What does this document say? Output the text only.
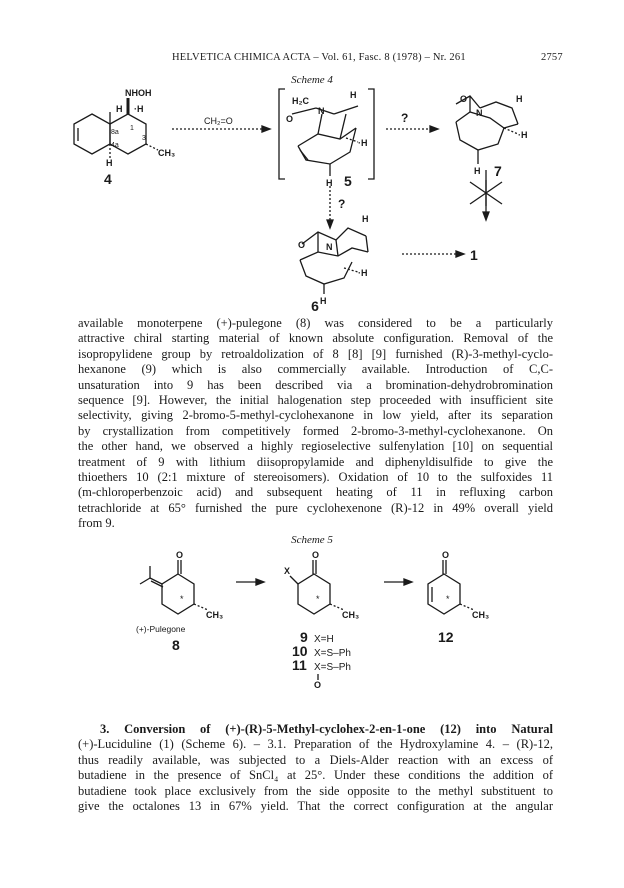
HELVETICA CHIMICA ACTA – Vol. 61, Fasc. 8 (1978) – Nr. 261	2757
Scheme 4
NHOH
H ·H
1
8a
4a
3
CH₃
H
CH₂=O
H₂C
N
O
H
·H
H
?
?
O
N
H
·H
H
O N
H
·H
H
4	5
7
1
6
available monoterpene (+)-pulegone (8) was considered to be a particularly
attractive chiral starting material of known absolute configuration. Removal of the
isopropylidene group by retroaldolization of 8 [8] [9] furnished (R)-3-methyl-cyclo-
hexanone (9) which is also commercially available. Introduction of C,C-
unsaturation into 9 has been described via a bromination-dehydrobromination
sequence [9]. However, the initial halogenation step proceeded with insufficient site
selectivity, giving 2-bromo-5-methyl-cyclohexanone in low yield, after its separation
by crystallization from competitively formed 2-bromo-3-methyl-cyclohexanone. On
the other hand, we observed a highly regioselective sulfenylation [10] on sequential
treatment of 9 with lithium diisopropylamide and diphenyldisulfide to give the
thioethers 10 (2:1 mixture of stereoisomers). Oxidation of 10 to the sulfoxides 11
(m-chloroperbenzoic acid) and subsequent heating of 11 in refluxing carbon
tetrachloride at 65° furnished the pure cyclohexenone (R)-12 in 49% overall yield
from 9.
Scheme 5
O
*
CH₃
(+)-Pulegone
O
X
*
CH₃
O
*
CH₃
O
8	9
10
11
12
X=H
X=S–Ph
X=S–Ph
3. Conversion of (+)-(R)-5-Methyl-cyclohex-2-en-1-one (12) into Natural
(+)-Luciduline (1) (Scheme 6). – 3.1. Preparation of the Hydroxylamine 4. – (R)-12,
thus readily available, was subjected to a Diels-Alder reaction with an excess of
butadiene in the presence of SnCl₄ at 25°. Under these conditions the addition of
butadiene took place exclusively from the side opposite to the methyl substituent to
give the octalones 13 in 67% yield. That the correct configuration at the angular
